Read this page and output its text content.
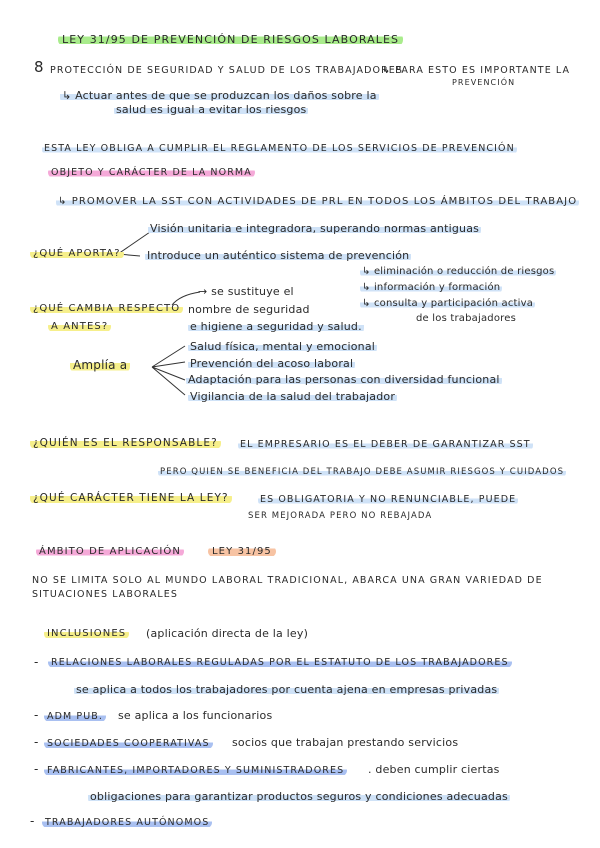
LEY 31/95 DE PREVENCIÓN DE RIESGOS LABORALES
8 PROTECCIÓN DE SEGURIDAD Y SALUD DE LOS TRABAJADORES
↳ PARA ESTO ES IMPORTANTE LA
PREVENCIÓN
↳ Actuar antes de que se produzcan los daños sobre la
salud es igual a evitar los riesgos
ESTA LEY OBLIGA A CUMPLIR EL REGLAMENTO DE LOS SERVICIOS DE PREVENCIÓN
OBJETO Y CARÁCTER DE LA NORMA
↳ PROMOVER LA SST CON ACTIVIDADES DE PRL EN TODOS LOS ÁMBITOS DEL TRABAJO
¿QUÉ APORTA?
Visión unitaria e integradora, superando normas antiguas
Introduce un auténtico sistema de prevención
↳ eliminación o reducción de riesgos
↳ información y formación
↳ consulta y participación activa
de los trabajadores
¿QUÉ CAMBIA RESPECTO
A ANTES?
→ se sustituye el
nombre de seguridad
e higiene a seguridad y salud.
Amplía a
Salud física, mental y emocional
Prevención del acoso laboral
Adaptación para las personas con diversidad funcional
Vigilancia de la salud del trabajador
¿QUIÉN ES EL RESPONSABLE?	EL EMPRESARIO ES EL DEBER DE GARANTIZAR SST
PERO QUIEN SE BENEFICIA DEL TRABAJO DEBE ASUMIR RIESGOS Y CUIDADOS
¿QUÉ CARÁCTER TIENE LA LEY?	ES OBLIGATORIA Y NO RENUNCIABLE, PUEDE
SER MEJORADA PERO NO REBAJADA
ÁMBITO DE APLICACIÓN	LEY 31/95
NO SE LIMITA SOLO AL MUNDO LABORAL TRADICIONAL, ABARCA UNA GRAN VARIEDAD DE
SITUACIONES LABORALES
INCLUSIONES (aplicación directa de la ley)
-	RELACIONES LABORALES REGULADAS POR EL ESTATUTO DE LOS TRABAJADORES
se aplica a todos los trabajadores por cuenta ajena en empresas privadas
- ADM PUB. se aplica a los funcionarios
- SOCIEDADES COOPERATIVAS socios que trabajan prestando servicios
- FABRICANTES, IMPORTADORES Y SUMINISTRADORES . deben cumplir ciertas
obligaciones para garantizar productos seguros y condiciones adecuadas
-	TRABAJADORES AUTÓNOMOS
